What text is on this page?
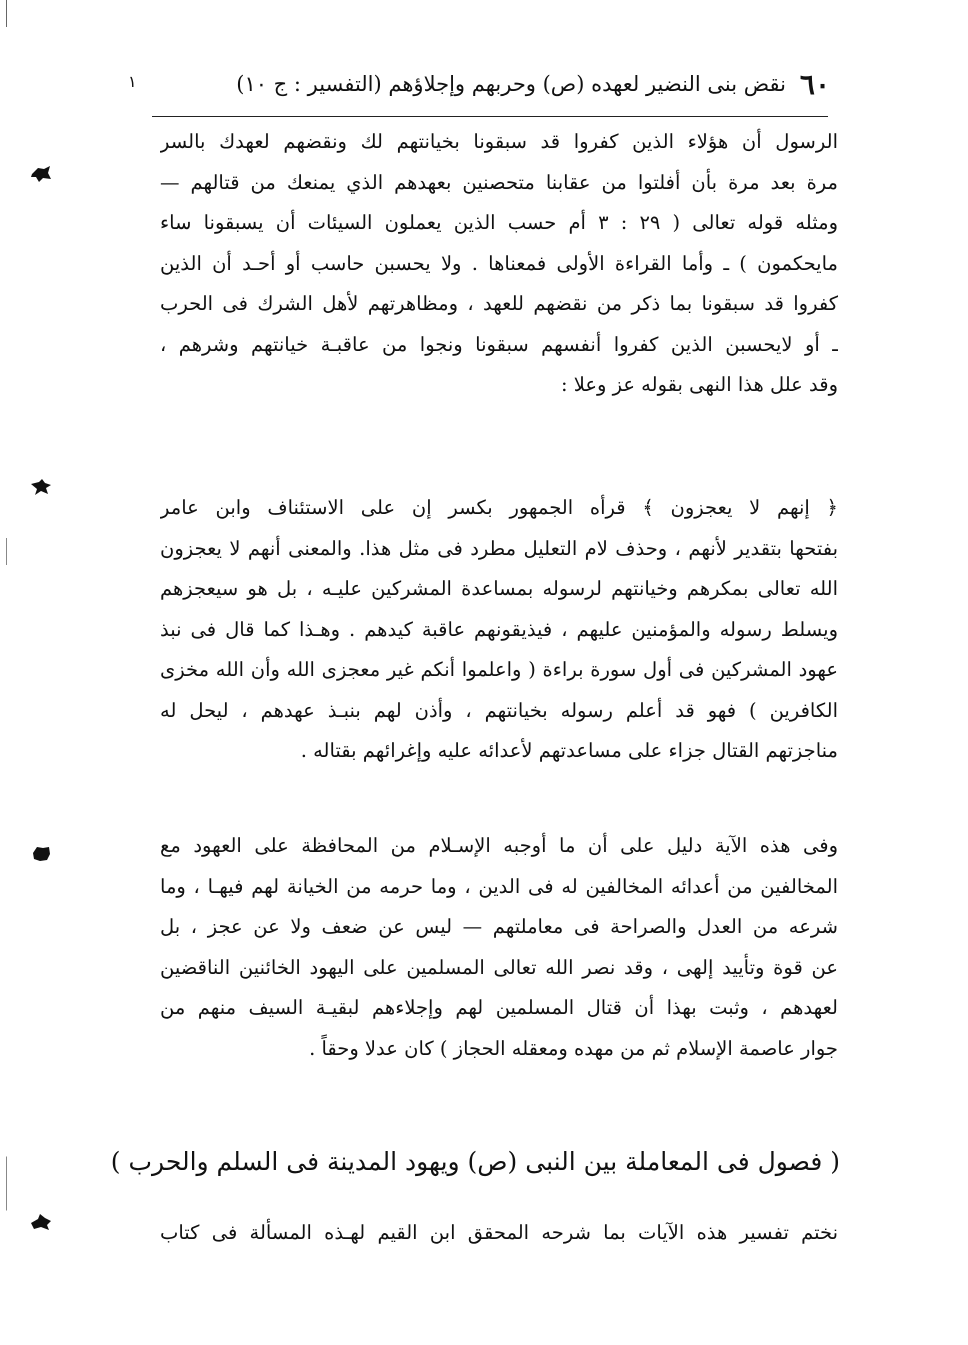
٦٠
نقض بنى النضير لعهده (ص) وحربهم وإجلاؤهم (التفسير : ج ١٠)
١
الرسول أن هؤلاء الذين كفروا قد سبقونا بخيانتهم لك ونقضهم لعهدك بالسر
مرة بعد مرة بأن أفلتوا من عقابنا متحصنين بعهدهم الذي يمنعك من قتالهم —
ومثله قوله تعالى ( ٢٩ : ٣ أم حسب الذين يعملون السيئات أن يسبقونا ساء
مايحكمون ) ـ وأما القراءة الأولى فمعناها . ولا يحسبن حاسب أو أحـد أن الذين
كفروا قد سبقونا بما ذكر من نقضهم للعهد ، ومظاهرتهم لأهل الشرك فى الحرب
ـ أو لايحسبن الذين كفروا أنفسهم سبقونا ونجوا من عاقبـة خيانتهم وشرهم ،
وقد علل هذا النهى بقوله عز وعلا :
﴿ إنهم لا يعجزون ﴾ قرأه الجمهور بكسر إن على الاستئناف وابن عامر
بفتحها بتقدير لأنهم ، وحذف لام التعليل مطرد فى مثل هذا. والمعنى أنهم لا يعجزون
الله تعالى بمكرهم وخيانتهم لرسوله بمساعدة المشركين عليـه ، بل هو سيعجزهم
ويسلط رسوله والمؤمنين عليهم ، فيذيقونهم عاقبة كيدهم . وهـذا كما قال فى نبذ
عهود المشركين فى أول سورة براءة ( واعلموا أنكم غير معجزى الله وأن الله مخزى
الكافرين ) فهو قد أعلم رسوله بخيانتهم ، وأذن لهم بنبـذ عهدهم ، ليحل له
مناجزتهم القتال جزاء على مساعدتهم لأعدائه عليه وإغرائهم بقتاله .
وفى هذه الآية دليل على أن ما أوجبه الإسـلام من المحافظة على العهود مع
المخالفين من أعدائه المخالفين له فى الدين ، وما حرمه من الخيانة لهم فيهـا ، وما
شرعه من العدل والصراحة فى معاملتهم — ليس عن ضعف ولا عن عجز ، بل
عن قوة وتأييد إلهى ، وقد نصر الله تعالى المسلمين على اليهود الخائنين الناقضين
لعهدهم ، وثبت بهذا أن قتال المسلمين لهم وإجلاءهم لبقيـة السيف منهم من
جوار عاصمة الإسلام ثم من مهده ومعقله الحجاز ) كان عدلا وحقاً .
( فصول فى المعاملة بين النبى (ص) ويهود المدينة فى السلم والحرب )
نختم تفسير هذه الآيات بما شرحه المحقق ابن القيم لهـذه المسألة فى كتاب
